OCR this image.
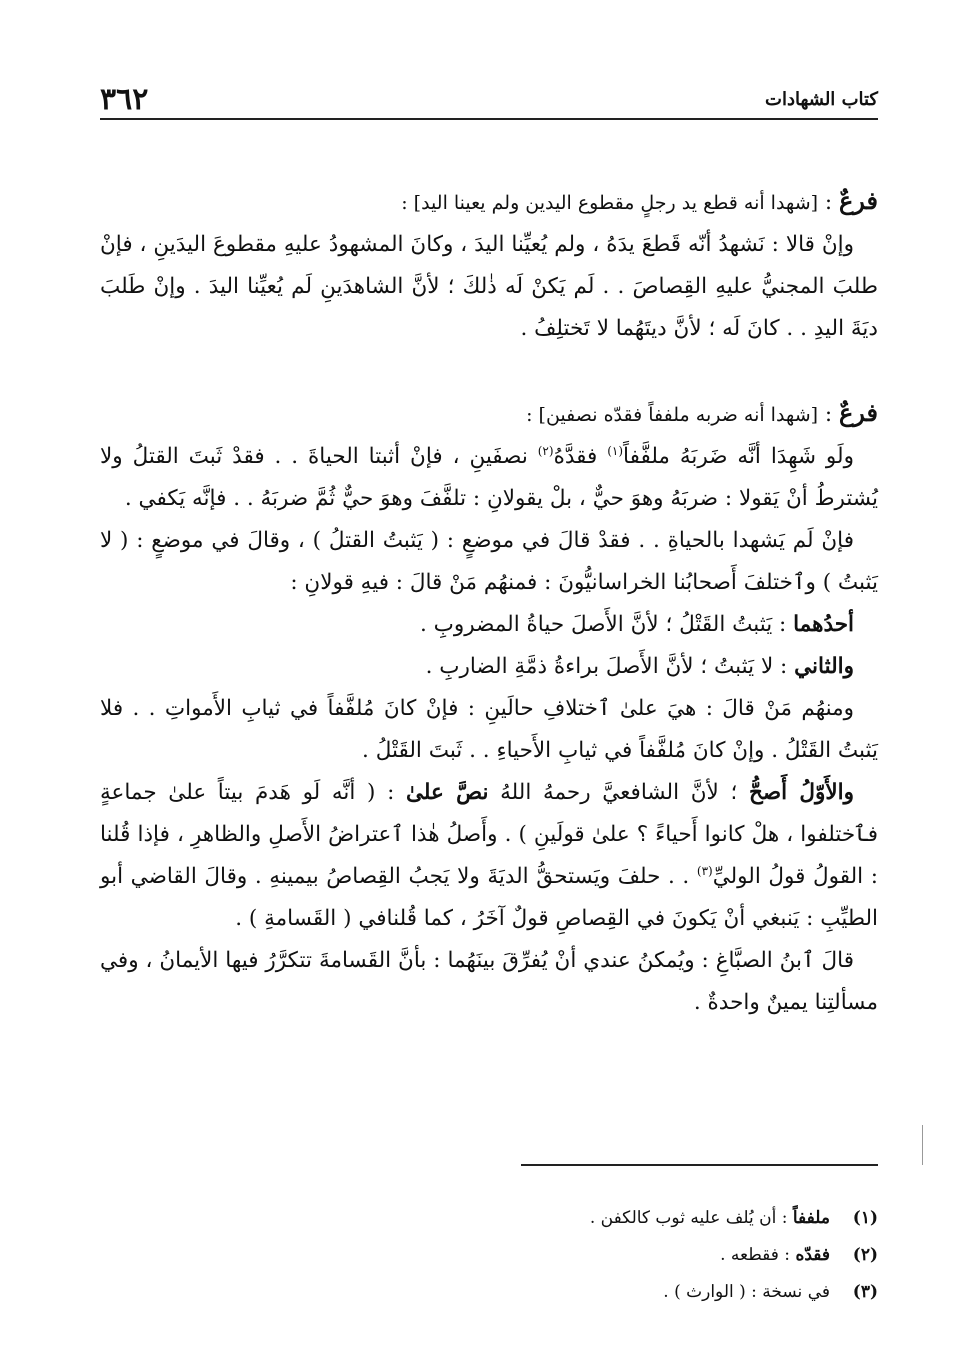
كتاب الشهادات
٣٦٢

فرعٌ : [شهدا أنه قطع يد رجلٍ مقطوع اليدين ولم يعينا اليد] :

وإنْ قالا : نَشهدُ أنّه قَطعَ يدَهُ ، ولم يُعيِّنا اليدَ ، وكانَ المشهودُ عليهِ مقطوعَ اليدَينِ ، فإنْ طلبَ المجنيُّ عليهِ القِصاصَ . . لَم يَكنْ لَه ذٰلكَ ؛ لأنَّ الشاهدَينِ لَم يُعيِّنا اليدَ . وإنْ طَلبَ ديَةَ اليدِ . . كانَ لَه ؛ لأنَّ ديتَهُما لا تَختلِفُ .

فرعٌ : [شهدا أنه ضربه ملففاً فقدّه نصفين] :

ولَو شَهِدَا أنَّه ضَربَهُ ملفَّفاً$^{(١)}$ فقدَّهُ$^{(٢)}$ نصفَينِ ، فإنْ أثبتا الحياةَ . . فقدْ ثَبتَ القتلُ ولا يُشترطُ أنْ يَقولا : ضربَهُ وهوَ حيٌّ ، بلْ يقولانِ : تلفَّفَ وهوَ حيٌّ ثُمَّ ضربَهُ . . فإنَّه يَكفي .

فإنْ لَم يَشهدا بالحياةِ . . فقدْ قالَ في موضعٍ : ( يَثبتُ القتلُ ) ، وقالَ في موضعٍ : ( لا يَثبتُ ) وٱختلفَ أَصحابُنا الخراسانيُّونَ : فمنهُم مَنْ قالَ : فيهِ قولانِ :

أحدُهما : يَثبتُ القَتْلُ ؛ لأنَّ الأَصلَ حياةُ المضروبِ .

والثاني : لا يَثبتُ ؛ لأنَّ الأَصلَ براءةُ ذمَّةِ الضاربِ .

ومنهُم مَنْ قالَ : هيَ علىٰ ٱختلافِ حالَينِ : فإنْ كانَ مُلفَّفاً في ثيابِ الأَمواتِ . . فلا يَثبتُ القَتْلُ . وإنْ كانَ مُلفَّفاً في ثيابِ الأَحياءِ . . ثَبتَ القَتْلُ .

والأَوّلُ أَصحُّ ؛ لأنَّ الشافعيَّ رحمهُ اللهُ نصَّ علىٰ : ( أنَّه لَو هَدمَ بيتاً علىٰ جماعةٍ فٱختلفوا ، هلْ كانوا أَحياءً ؟ علىٰ قولَينِ ) . وأَصلُ هٰذا ٱعتراضُ الأَصلِ والظاهرِ ، فإذا قُلنا : القولُ قولُ الوليِّ$^{(٣)}$ . . حلفَ ويَستحقُّ الديَةَ ولا يَجبُ القِصاصُ بيمينهِ . وقالَ القاضي أبو الطيِّبِ : يَنبغي أنْ يَكونَ في القِصاصِ قولٌ آخَرُ ، كما قُلنافي ( القَسامةِ ) .

قالَ ٱبنُ الصبَّاغِ : ويُمكنُ عندي أنْ يُفرِّقَ بينَهُما : بأنَّ القَسامةَ تتكرَّرُ فيها الأيمانُ ، وفي مسألتِنا يمينٌ واحدةٌ .

(١)
ملففاً : أن يُلف عليه ثوب كالكفن .
(٢)
فقدّه : فقطعه .
(٣)
في نسخة : ( الوارث ) .
